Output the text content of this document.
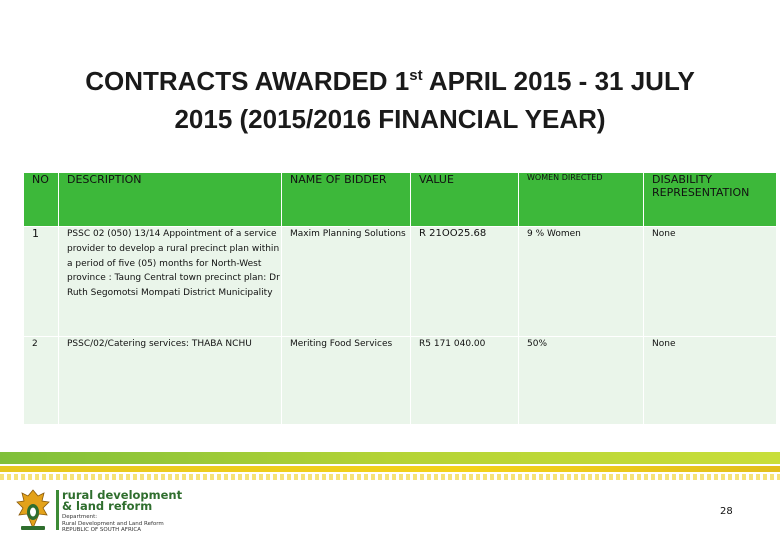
CONTRACTS AWARDED 1st APRIL 2015 - 31 JULY
2015 (2015/2016 FINANCIAL YEAR)
NO	DESCRIPTION	NAME OF BIDDER	VALUE	WOMEN DIRECTED	DISABILITY REPRESENTATION
1	PSSC 02 (050) 13/14 Appointment of a service provider to develop a rural precinct plan within a period of five (05) months for North-West province : Taung Central town precinct plan: Dr Ruth Segomotsi Mompati District Municipality	Maxim Planning Solutions	R 21OO25.68	9 % Women	None
2	PSSC/02/Catering services: THABA NCHU	Meriting Food Services	R5 171 040.00	50%	None
rural development
& land reform
Department:
Rural Development and Land Reform
REPUBLIC OF SOUTH AFRICA
28
